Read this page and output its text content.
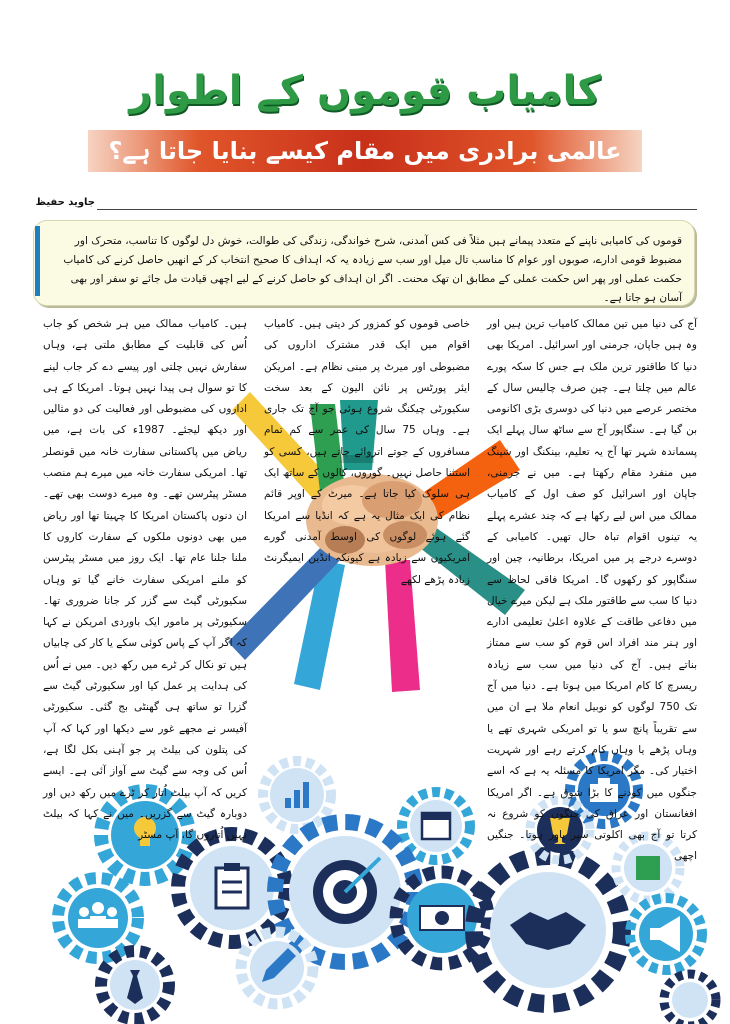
کامیاب قوموں کے اطوار
عالمی برادری میں مقام کیسے بنایا جاتا ہے؟
جاوید حفیظ
قوموں کی کامیابی ناپنے کے متعدد پیمانے ہیں مثلاً فی کس آمدنی، شرح خواندگی، زندگی کی طوالت، خوش دل لوگوں کا تناسب، متحرک اور مضبوط قومی ادارے، صوبوں اور عوام کا مناسب تال میل اور سب سے زیادہ یہ کہ اہداف کا صحیح انتخاب کر کے انھیں حاصل کرنے کی کامیاب حکمت عملی اور پھر اس حکمت عملی کے مطابق ان تھک محنت۔ اگر ان اہداف کو حاصل کرنے کے لیے اچھی قیادت مل جائے تو سفر اور بھی آسان ہو جاتا ہے۔

آج کی دنیا میں تین ممالک کامیاب ترین ہیں اور وہ ہیں جاپان، جرمنی اور اسرائیل۔ امریکا بھی دنیا کا طاقتور ترین ملک ہے جس کا سکہ پورے عالم میں چلتا ہے۔ چین صرف چالیس سال کے مختصر عرصے میں دنیا کی دوسری بڑی اکانومی بن گیا ہے۔ سنگاپور آج سے ساٹھ سال پہلے ایک پسماندہ شہر تھا آج یہ تعلیم، بینکنگ اور شپنگ میں منفرد مقام رکھتا ہے۔ میں نے جرمنی، جاپان اور اسرائیل کو صف اول کے کامیاب ممالک میں اس لیے رکھا ہے کہ چند عشرے پہلے یہ تینوں اقوام تباہ حال تھیں۔ کامیابی کے دوسرے درجے پر میں امریکا، برطانیہ، چین اور سنگاپور کو رکھوں گا۔ امریکا فاقی لحاظ سے دنیا کا سب سے طاقتور ملک ہے لیکن میرے خیال میں دفاعی طاقت کے علاوہ اعلیٰ تعلیمی ادارے اور ہنر مند افراد اس قوم کو سب سے ممتاز بناتے ہیں۔ آج کی دنیا میں سب سے زیادہ ریسرچ کا کام امریکا میں ہوتا ہے۔ دنیا میں آج تک 750 لوگوں کو نوبیل انعام ملا ہے ان میں سے تقریباً پانچ سو یا تو امریکی شہری تھے یا وہاں پڑھے یا وہاں کام کرتے رہے اور شہریت اختیار کی۔ مگر امریکا کا مسئلہ یہ ہے کہ اسے جنگوں میں کودنے کا بڑا شوق ہے۔ اگر امریکا افغانستان اور عراق کی جنگوں کو شروع نہ کرتا تو آج بھی اکلوتی سپر پاور ہوتا۔ جنگیں اچھی

خاصی قوموں کو کمزور کر دیتی ہیں۔ کامیاب اقوام میں ایک قدر مشترک اداروں کی مضبوطی اور میرٹ پر مبنی نظام ہے۔ امریکن ایئر پورٹس پر نائن الیون کے بعد سخت سکیورٹی چیکنگ شروع ہوئی جو آج تک جاری ہے۔ وہاں 75 سال کی عمر سے کم تمام مسافروں کے جوتے اتروائے جاتے ہیں، کسی کو استثنا حاصل نہیں۔ گوروں، کالوں کے ساتھ ایک ہی سلوک کیا جاتا ہے۔ میرٹ کے اوپر قائم نظام کی ایک مثال یہ ہے کہ انڈیا سے امریکا گئے ہوئے لوگوں کی اوسط آمدنی گورے امریکیوں سے زیادہ ہے کیونکہ انڈین ایمیگرنٹ زیادہ پڑھے لکھے

ہیں۔ کامیاب ممالک میں ہر شخص کو جاب اُس کی قابلیت کے مطابق ملتی ہے، وہاں سفارش نہیں چلتی اور پیسے دے کر جاب لینے کا تو سوال ہی پیدا نہیں ہوتا۔ امریکا کے ہی اداروں کی مضبوطی اور فعالیت کی دو مثالیں اور دیکھ لیجئے۔ 1987ء کی بات ہے، میں ریاض میں پاکستانی سفارت خانہ میں قونصلر تھا۔ امریکی سفارت خانہ میں میرے ہم منصب مسٹر پیٹرسن تھے۔ وہ میرے دوست بھی تھے۔ ان دنوں پاکستان امریکا کا چہیتا تھا اور ریاض میں بھی دونوں ملکوں کے سفارت کاروں کا ملنا جلنا عام تھا۔ ایک روز میں مسٹر پیٹرسن کو ملنے امریکی سفارت خانے گیا تو وہاں سکیورٹی گیٹ سے گزر کر جانا ضروری تھا۔ سکیورٹی پر مامور ایک باوردی امریکن نے کہا کہ اگر آپ کے پاس کوئی سکے یا کار کی چابیاں ہیں تو نکال کر ٹرے میں رکھ دیں۔ میں نے اُس کی ہدایت پر عمل کیا اور سکیورٹی گیٹ سے گزرا تو ساتھ ہی گھنٹی بج گئی۔ سکیورٹی آفیسر نے مجھے غور سے دیکھا اور کہا کہ آپ کی پتلون کی بیلٹ پر جو آہنی بکل لگا ہے، اُس کی وجہ سے گیٹ سے آواز آئی ہے۔ ایسے کریں کہ آپ بیلٹ اُتار کر ٹرے میں رکھ دیں اور دوبارہ گیٹ سے گزریں۔ میں نے کہا کہ بیلٹ نہیں اُتاروں گا، آپ مسٹر
